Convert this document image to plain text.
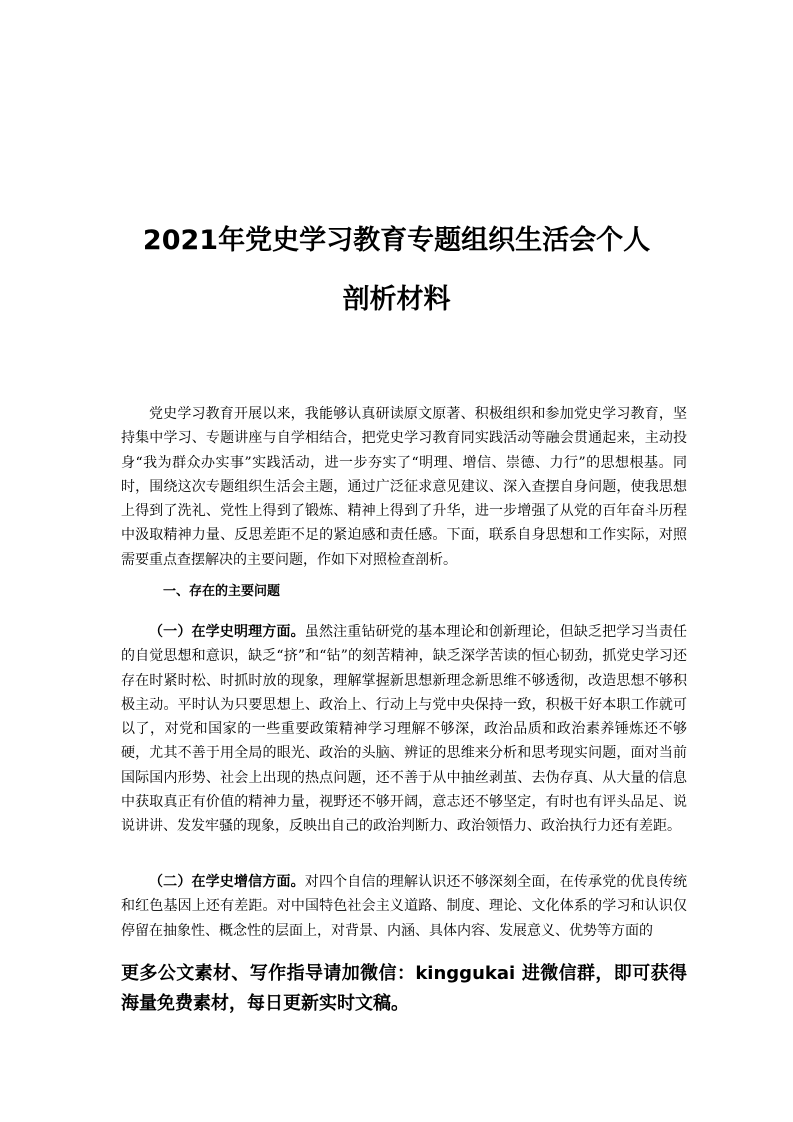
2021年党史学习教育专题组织生活会个人
剖析材料

党史学习教育开展以来，我能够认真研读原文原著、积极组织和参加党史学习教育，坚持集中学习、专题讲座与自学相结合，把党史学习教育同实践活动等融会贯通起来，主动投身“我为群众办实事”实践活动，进一步夯实了“明理、增信、崇德、力行”的思想根基。同时，围绕这次专题组织生活会主题，通过广泛征求意见建议、深入查摆自身问题，使我思想上得到了洗礼、党性上得到了锻炼、精神上得到了升华，进一步增强了从党的百年奋斗历程中汲取精神力量、反思差距不足的紧迫感和责任感。下面，联系自身思想和工作实际，对照需要重点查摆解决的主要问题，作如下对照检查剖析。

一、存在的主要问题

（一）在学史明理方面。虽然注重钻研党的基本理论和创新理论，但缺乏把学习当责任的自觉思想和意识，缺乏“挤”和“钻”的刻苦精神，缺乏深学苦读的恒心韧劲，抓党史学习还存在时紧时松、时抓时放的现象，理解掌握新思想新理念新思维不够透彻，改造思想不够积极主动。平时认为只要思想上、政治上、行动上与党中央保持一致，积极干好本职工作就可以了，对党和国家的一些重要政策精神学习理解不够深，政治品质和政治素养锤炼还不够硬，尤其不善于用全局的眼光、政治的头脑、辨证的思维来分析和思考现实问题，面对当前国际国内形势、社会上出现的热点问题，还不善于从中抽丝剥茧、去伪存真、从大量的信息中获取真正有价值的精神力量，视野还不够开阔，意志还不够坚定，有时也有评头品足、说说讲讲、发发牢骚的现象，反映出自己的政治判断力、政治领悟力、政治执行力还有差距。

（二）在学史增信方面。对四个自信的理解认识还不够深刻全面，在传承党的优良传统和红色基因上还有差距。对中国特色社会主义道路、制度、理论、文化体系的学习和认识仅停留在抽象性、概念性的层面上，对背景、内涵、具体内容、发展意义、优势等方面的

更多公文素材、写作指导请加微信：kinggukai 进微信群，即可获得海量免费素材，每日更新实时文稿。
